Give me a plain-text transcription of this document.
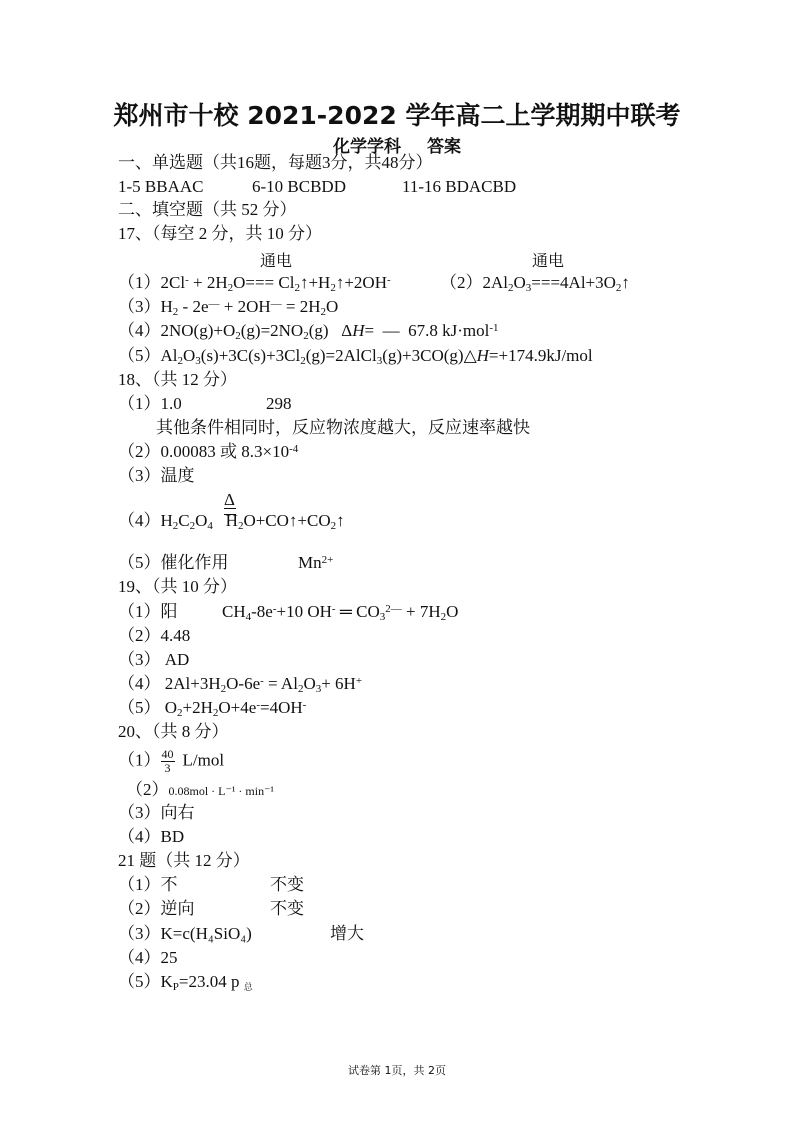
郑州市十校 2021-2022 学年高二上学期期中联考
化学学科 答案
一、单选题（共16题，每题3分，共48分）
1-5 BBAAC	6-10 BCBDD	11-16 BDACBD
二、填空题（共 52 分）
17、（每空 2 分，共 10 分）
通电	通电
$(1)2Cl^- + 2H_2O===$ $Cl_2↑+H_2↑+2OH^-$	$(2)2Al_2O_3===4Al+3O_2↑$
$(3)H_2 - 2e^— + 2OH^— = 2H_2O$
$(4)2NO(g)+O_2(g)=2NO_2(g)$   ΔH=  —  67.8 kJ·mol$^{-1}$
$(5)Al_2O_3(s)+3C(s)+3Cl_2(g)=2AlCl_3(g)+3CO(g)\triangle H=+174.9kJ$/mol
18、（共 12 分）
（1）1.0	298
其他条件相同时，反应物浓度越大，反应速率越快
（2）0.00083 或 $8.3\times 10^{-4}$
（3）温度
Δ
$(4)H_2C_2O_4$   $H_2O+CO↑+CO_2↑$
（5）催化作用	$Mn^{2+}$
19、（共 10 分）
（1）阳	$CH_4-8e^-+10$ OH- ═ $CO_3^{2—} + 7H_2O$
（2）4.48
（3） AD
（4） $2Al+3H_2O-6e^- = Al_2O_3+ 6H^+$
（5） $O_2+2H_2O+4e^-=4OH^-$
20、（共 8 分）
$(1) \frac{40}{3} L/mol$
（2）0.08mol · L⁻¹ · min⁻¹
（3）向右
（4）BD
21 题（共 12 分）
（1）不	不变
（2）逆向	不变
（3）K=c(H₄SiO₄)	增大
（4）25
$(5)K_P=23.04$ p $_总$
试卷第 1页，共 2页
